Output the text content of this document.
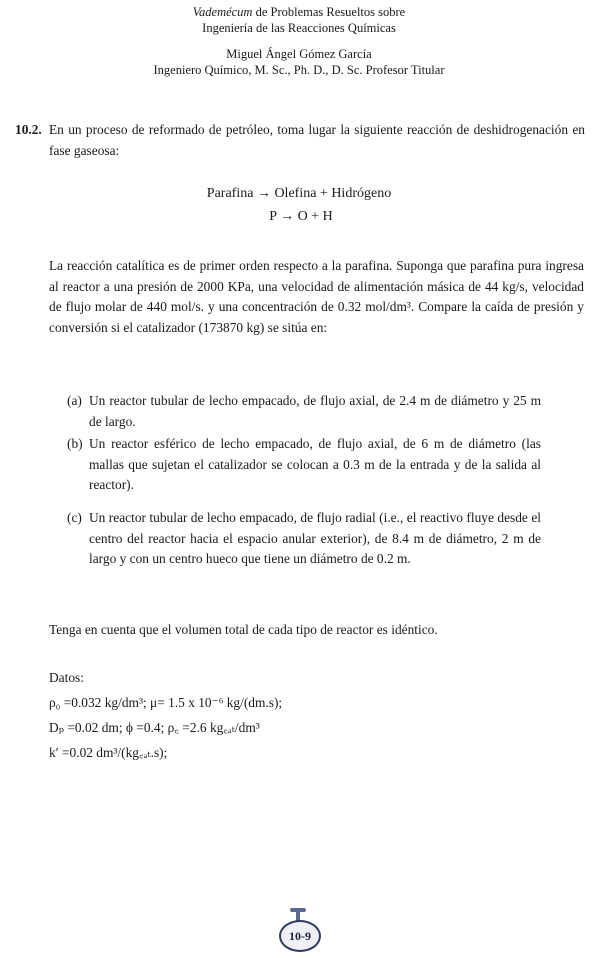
Vademécum de Problemas Resueltos sobre
Ingeniería de las Reacciones Químicas
Miguel Ángel Gómez García
Ingeniero Químico, M. Sc., Ph. D., D. Sc. Profesor Titular
10.2. En un proceso de reformado de petróleo, toma lugar la siguiente reacción de deshidrogenación en fase gaseosa:
Parafina → Olefina + Hidrógeno
P → O + H
La reacción catalítica es de primer orden respecto a la parafina. Suponga que parafina pura ingresa al reactor a una presión de 2000 KPa, una velocidad de alimentación másica de 44 kg/s, velocidad de flujo molar de 440 mol/s. y una concentración de 0.32 mol/dm³. Compare la caída de presión y conversión si el catalizador (173870 kg) se sitúa en:
(a) Un reactor tubular de lecho empacado, de flujo axial, de 2.4 m de diámetro y 25 m de largo.
(b) Un reactor esférico de lecho empacado, de flujo axial, de 6 m de diámetro (las mallas que sujetan el catalizador se colocan a 0.3 m de la entrada y de la salida al reactor).
(c) Un reactor tubular de lecho empacado, de flujo radial (i.e., el reactivo fluye desde el centro del reactor hacia el espacio anular exterior), de 8.4 m de diámetro, 2 m de largo y con un centro hueco que tiene un diámetro de 0.2 m.
Tenga en cuenta que el volumen total de cada tipo de reactor es idéntico.
Datos:
ρ₀ =0.032 kg/dm³; μ= 1.5 x 10⁻⁶ kg/(dm.s);
Dₚ =0.02 dm; ϕ =0.4; ρ꜀ =2.6 kg꜀ₐₜ/dm³
k′ =0.02 dm³/(kg꜀ₐₜ.s);
10-9
